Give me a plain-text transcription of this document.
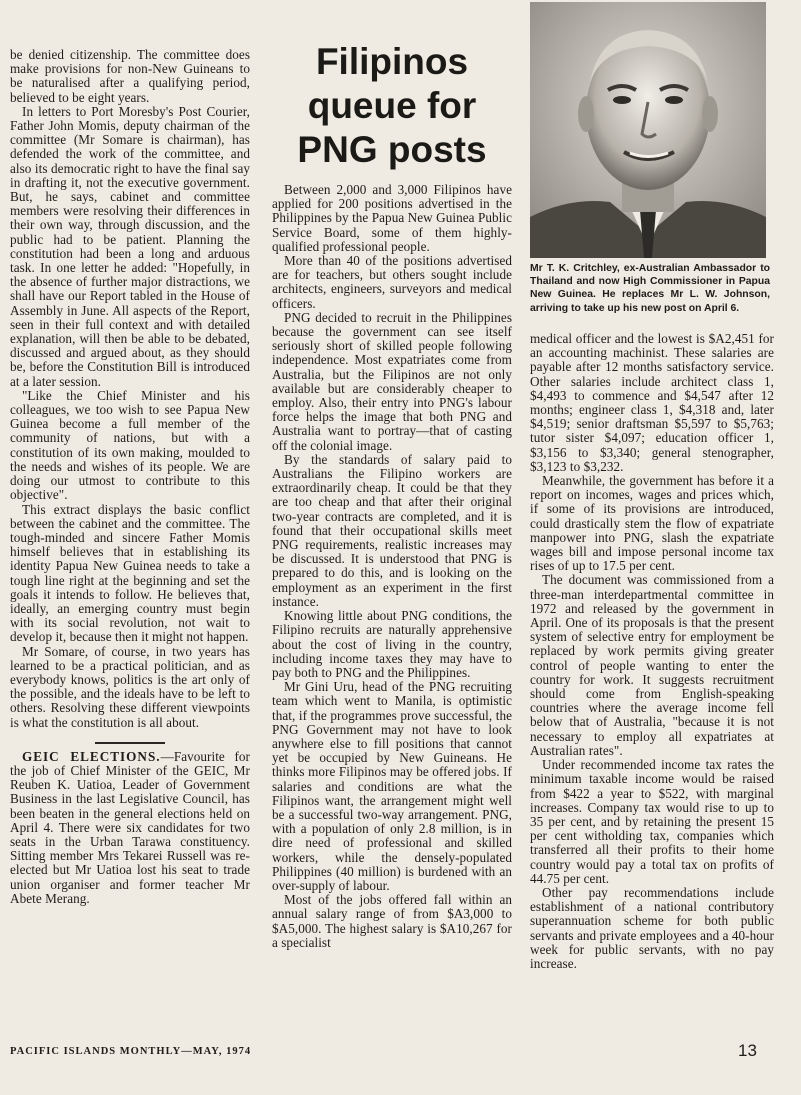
Filipinos
queue for
PNG posts
Mr T. K. Critchley, ex-Australian Ambassador to Thailand and now High Commissioner in Papua New Guinea. He replaces Mr L. W. Johnson, arriving to take up his new post on April 6.

be denied citizenship. The committee does make provisions for non-New Guineans to be naturalised after a qualifying period, believed to be eight years.

In letters to Port Moresby's Post Courier, Father John Momis, deputy chairman of the committee (Mr Somare is chairman), has defended the work of the committee, and also its democratic right to have the final say in drafting it, not the executive government. But, he says, cabinet and committee members were resolving their differences in their own way, through discussion, and the public had to be patient. Planning the constitution had been a long and arduous task. In one letter he added: "Hopefully, in the absence of further major distractions, we shall have our Report tabled in the House of Assembly in June. All aspects of the Report, seen in their full context and with detailed explanation, will then be able to be debated, discussed and argued about, as they should be, before the Constitution Bill is introduced at a later session.

"Like the Chief Minister and his colleagues, we too wish to see Papua New Guinea become a full member of the community of nations, but with a constitution of its own making, moulded to the needs and wishes of its people. We are doing our utmost to contribute to this objective".

This extract displays the basic conflict between the cabinet and the committee. The tough-minded and sincere Father Momis himself believes that in establishing its identity Papua New Guinea needs to take a tough line right at the beginning and set the goals it intends to follow. He believes that, ideally, an emerging country must begin with its social revolution, not wait to develop it, because then it might not happen.

Mr Somare, of course, in two years has learned to be a practical politician, and as everybody knows, politics is the art only of the possible, and the ideals have to be left to others. Resolving these different viewpoints is what the constitution is all about.

GEIC ELECTIONS.—Favourite for the job of Chief Minister of the GEIC, Mr Reuben K. Uatioa, Leader of Government Business in the last Legislative Council, has been beaten in the general elections held on April 4. There were six candidates for two seats in the Urban Tarawa constituency. Sitting member Mrs Tekarei Russell was re-elected but Mr Uatioa lost his seat to trade union organiser and former teacher Mr Abete Merang.

Between 2,000 and 3,000 Filipinos have applied for 200 positions advertised in the Philippines by the Papua New Guinea Public Service Board, some of them highly-qualified professional people.

More than 40 of the positions advertised are for teachers, but others sought include architects, engineers, surveyors and medical officers.

PNG decided to recruit in the Philippines because the government can see itself seriously short of skilled people following independence. Most expatriates come from Australia, but the Filipinos are not only available but are considerably cheaper to employ. Also, their entry into PNG's labour force helps the image that both PNG and Australia want to portray—that of casting off the colonial image.

By the standards of salary paid to Australians the Filipino workers are extraordinarily cheap. It could be that they are too cheap and that after their original two-year contracts are completed, and it is found that their occupational skills meet PNG requirements, realistic increases may be discussed. It is understood that PNG is prepared to do this, and is looking on the employment as an experiment in the first instance.

Knowing little about PNG conditions, the Filipino recruits are naturally apprehensive about the cost of living in the country, including income taxes they may have to pay both to PNG and the Philippines.

Mr Gini Uru, head of the PNG recruiting team which went to Manila, is optimistic that, if the programmes prove successful, the PNG Government may not have to look anywhere else to fill positions that cannot yet be occupied by New Guineans. He thinks more Filipinos may be offered jobs. If salaries and conditions are what the Filipinos want, the arrangement might well be a successful two-way arrangement. PNG, with a population of only 2.8 million, is in dire need of professional and skilled workers, while the densely-populated Philippines (40 million) is burdened with an over-supply of labour.

Most of the jobs offered fall within an annual salary range of from $A3,000 to $A5,000. The highest salary is $A10,267 for a specialist

medical officer and the lowest is $A2,451 for an accounting machinist. These salaries are payable after 12 months satisfactory service. Other salaries include architect class 1, $4,493 to commence and $4,547 after 12 months; engineer class 1, $4,318 and, later $4,519; senior draftsman $5,597 to $5,763; tutor sister $4,097; education officer 1, $3,156 to $3,340; general stenographer, $3,123 to $3,232.

Meanwhile, the government has before it a report on incomes, wages and prices which, if some of its provisions are introduced, could drastically stem the flow of expatriate manpower into PNG, slash the expatriate wages bill and impose personal income tax rises of up to 17.5 per cent.

The document was commissioned from a three-man interdepartmental committee in 1972 and released by the government in April. One of its proposals is that the present system of selective entry for employment be replaced by work permits giving greater control of people wanting to enter the country for work. It suggests recruitment should come from English-speaking countries where the average income fell below that of Australia, "because it is not necessary to employ all expatriates at Australian rates".

Under recommended income tax rates the minimum taxable income would be raised from $422 a year to $522, with marginal increases. Company tax would rise to up to 35 per cent, and by retaining the present 15 per cent witholding tax, companies which transferred all their profits to their home country would pay a total tax on profits of 44.75 per cent.

Other pay recommendations include establishment of a national contributory superannuation scheme for both public servants and private employees and a 40-hour week for public servants, with no pay increase.

PACIFIC ISLANDS MONTHLY—MAY, 1974	13
